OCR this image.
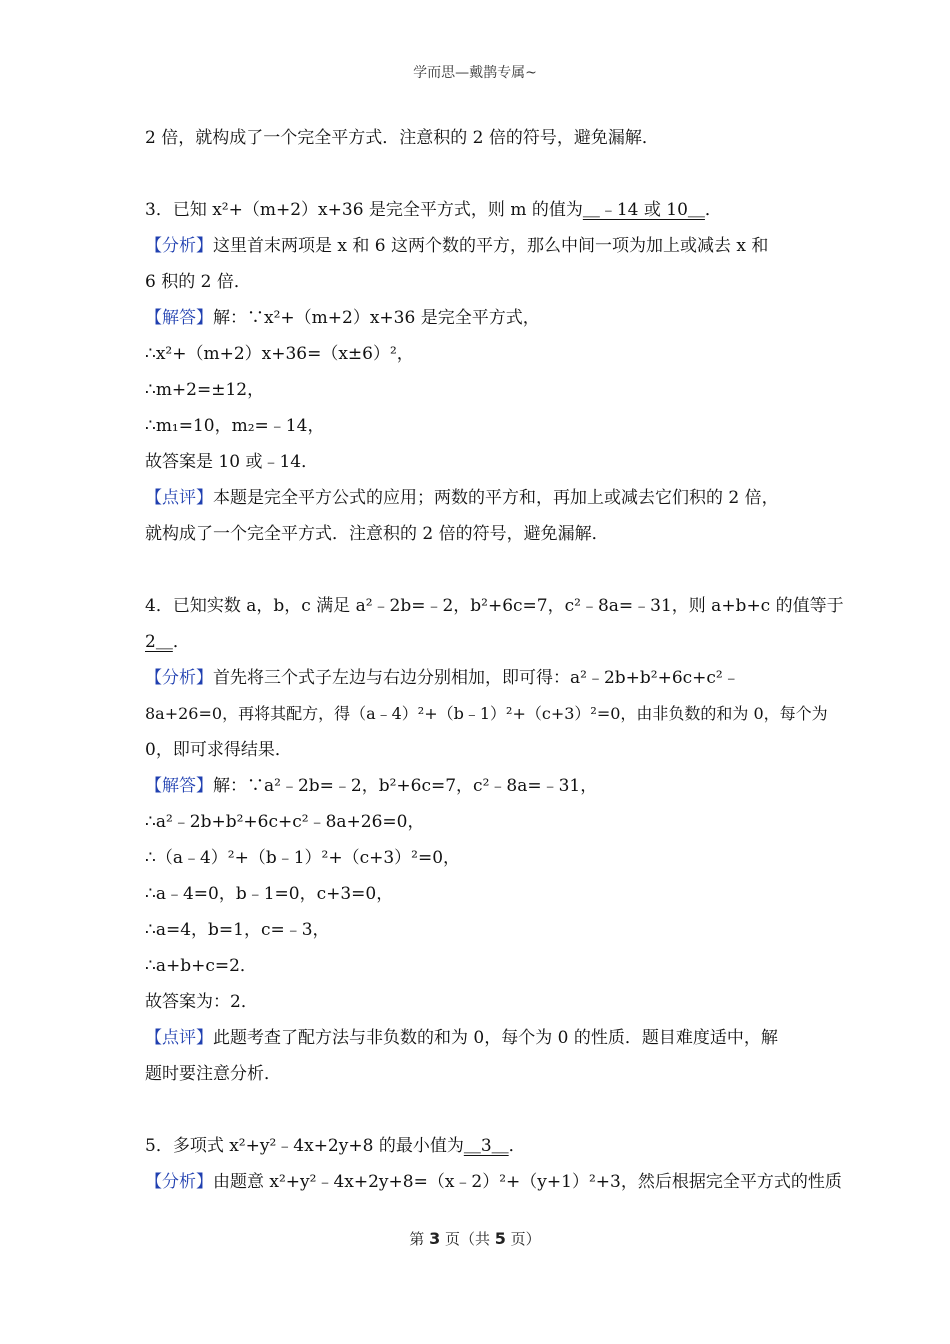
学而思—戴鹊专属~
2 倍，就构成了一个完全平方式．注意积的 2 倍的符号，避免漏解．
3．已知 x²+（m+2）x+36 是完全平方式，则 m 的值为＿﹣14 或 10＿．
【分析】这里首末两项是 x 和 6 这两个数的平方，那么中间一项为加上或减去 x 和
6 积的 2 倍．
【解答】解：∵x²+（m+2）x+36 是完全平方式，
∴x²+（m+2）x+36=（x±6）²，
∴m+2=±12，
∴m₁=10，m₂=﹣14，
故答案是 10 或﹣14．
【点评】本题是完全平方公式的应用；两数的平方和，再加上或减去它们积的 2 倍，
就构成了一个完全平方式．注意积的 2 倍的符号，避免漏解．
4．已知实数 a，b，c 满足 a²﹣2b=﹣2，b²+6c=7，c²﹣8a=﹣31，则 a+b+c 的值等于
2＿．
【分析】首先将三个式子左边与右边分别相加，即可得：a²﹣2b+b²+6c+c²﹣
8a+26=0，再将其配方，得（a﹣4）²+（b﹣1）²+（c+3）²=0，由非负数的和为 0，每个为
0，即可求得结果．
【解答】解：∵a²﹣2b=﹣2，b²+6c=7，c²﹣8a=﹣31，
∴a²﹣2b+b²+6c+c²﹣8a+26=0，
∴（a﹣4）²+（b﹣1）²+（c+3）²=0，
∴a﹣4=0，b﹣1=0，c+3=0，
∴a=4，b=1，c=﹣3，
∴a+b+c=2．
故答案为：2．
【点评】此题考查了配方法与非负数的和为 0，每个为 0 的性质．题目难度适中，解
题时要注意分析．
5．多项式 x²+y²﹣4x+2y+8 的最小值为＿3＿．
【分析】由题意 x²+y²﹣4x+2y+8=（x﹣2）²+（y+1）²+3，然后根据完全平方式的性质
第 3 页（共 5 页）
